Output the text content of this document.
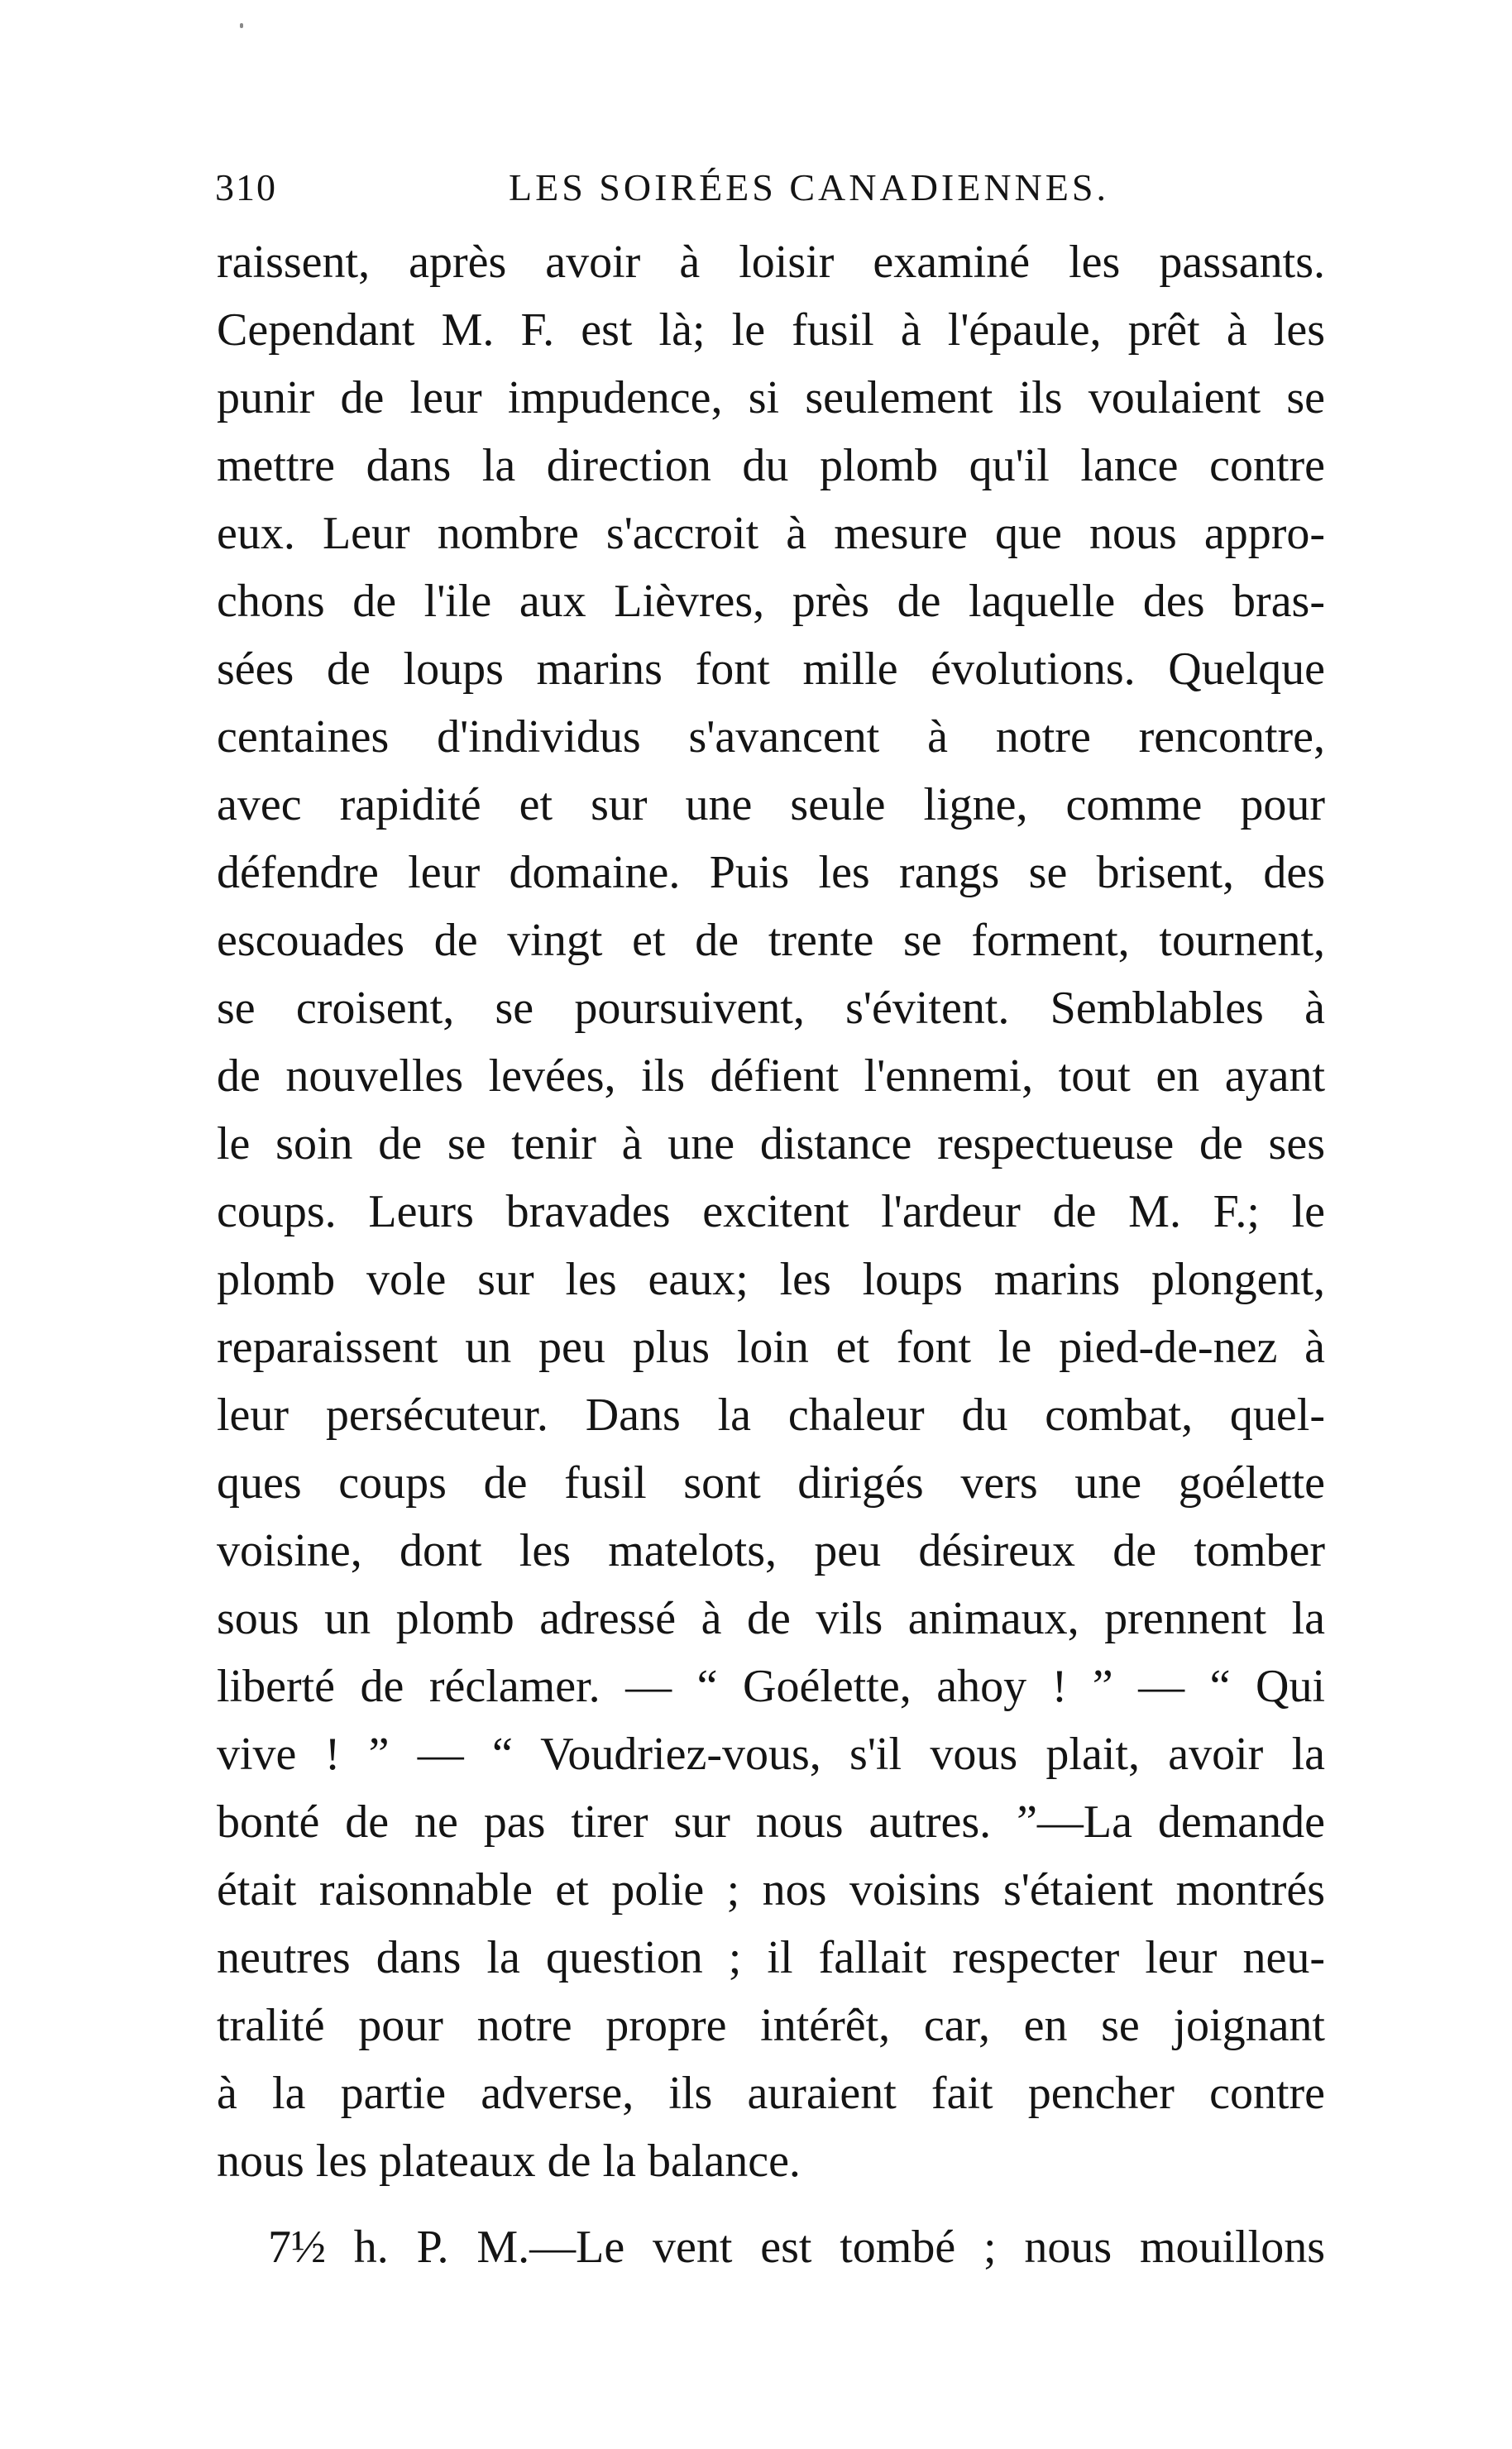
310	LES SOIRÉES CANADIENNES.
raissent, après avoir à loisir examiné les passants.
Cependant M. F. est là; le fusil à l'épaule, prêt à les
punir de leur impudence, si seulement ils voulaient se
mettre dans la direction du plomb qu'il lance contre
eux. Leur nombre s'accroit à mesure que nous appro-
chons de l'ile aux Lièvres, près de laquelle des bras-
sées de loups marins font mille évolutions. Quelque
centaines d'individus s'avancent à notre rencontre,
avec rapidité et sur une seule ligne, comme pour
défendre leur domaine. Puis les rangs se brisent, des
escouades de vingt et de trente se forment, tournent,
se croisent, se poursuivent, s'évitent. Semblables à
de nouvelles levées, ils défient l'ennemi, tout en ayant
le soin de se tenir à une distance respectueuse de ses
coups. Leurs bravades excitent l'ardeur de M. F.; le
plomb vole sur les eaux; les loups marins plongent,
reparaissent un peu plus loin et font le pied-de-nez à
leur persécuteur. Dans la chaleur du combat, quel-
ques coups de fusil sont dirigés vers une goélette
voisine, dont les matelots, peu désireux de tomber
sous un plomb adressé à de vils animaux, prennent la
liberté de réclamer. — “ Goélette, ahoy ! ” — “ Qui
vive ! ” — “ Voudriez-vous, s'il vous plait, avoir la
bonté de ne pas tirer sur nous autres. ”—La demande
était raisonnable et polie ; nos voisins s'étaient montrés
neutres dans la question ; il fallait respecter leur neu-
tralité pour notre propre intérêt, car, en se joignant
à la partie adverse, ils auraient fait pencher contre
nous les plateaux de la balance.
7½ h. P. M.—Le vent est tombé ; nous mouillons
